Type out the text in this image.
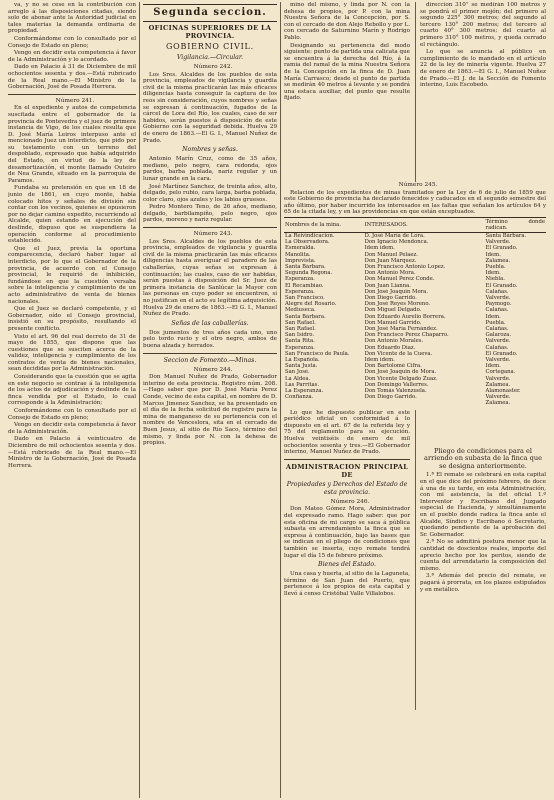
va, y no se cese en la contribución con arreglo á las disposiciones citadas, siendo solo de abonar ante la Autoridad judicial en tales materias la demanda ordinaria de propiedad.

Conformándome con lo consultado por el Consejo de Estado en pleno;

Vengo en decidir esta competencia á favor de la Administración y lo acordado.

Dado en Palacio á 31 de Diciembre de mil ochocientos sesenta y dos.—Está rubricado de la Real mano.—El Ministro de la Gobernación, José de Posada Herrera.

Número 241.

En el expediente y autos de competencia suscitada entre el gobernador de la provincia de Pontevedra y el juez de primera instancia de Vigo, de los cuales resulta que D. José María Leiros interpuso ante el mencionado Juez un interdicto, que pido por su testamento con un terreno del despoblado, expresado que había adquirido del Estado, en virtud de la ley de desamortización, el monte llamado Outeiro de Nea Grande, situado en la parroquia de Paramos.

Fundaba su pretensión en que en 18 de junio de 1861, en cuyo monte, había colocado hitos y señales de división sin contar con los vecinos, quienes se opusieron por no dejar camino expedito, recurriendo al Alcalde, quien estando en ejecución del deslinde, dispuso que se suspendiera la operación conforme al procedimiento establecido.

Que el Juez, previa la oportuna comparecencia, declaró haber lugar al interdicto, por lo que el Gobernador de la provincia, de acuerdo con el Consejo provincial, le requirió de inhibición, fundándose en que la cuestión versaba sobre la inteligencia y cumplimiento de un acto administrativo de venta de bienes nacionales.

Que el Juez se declaró competente, y el Gobernador, oído el Consejo provincial, insistió en su propósito, resultando el presente conflicto.

Visto el art. 96 del real decreto de 31 de mayo de 1855, que dispone que las cuestiones que se susciten acerca de la validez, inteligencia y cumplimiento de los contratos de venta de bienes nacionales, sean decididas por la Administración.

Considerando que la cuestión que se agita en este negocio se contrae á la inteligencia de los actos de adjudicación y deslinde de la finca vendida por el Estado, lo cual corresponde á la Administración;

Conformándome con lo consultado por el Consejo de Estado en pleno;

Vengo en decidir esta competencia á favor de la Administración.

Dado en Palacio á veinticuatro de Diciembre de mil ochocientos sesenta y dos.—Está rubricado de la Real mano.—El Ministro de la Gobernación, José de Posada Herrera.

Segunda seccion.
OFICINAS SUPERIORES DE LA PROVINCIA.
GOBIERNO CIVIL.
Vigilancia.—Circular.

Número 242.

Los Sres. Alcaldes de los pueblos de esta provincia, empleados de vigilancia y guardia civil de la misma practicarán las más eficaces diligencias hasta conseguir la captura de los reos sin consideración, cuyos nombres y señas se expresan á continuación, fugados de la cárcel de Lora del Río, los cuales, caso de ser habidos, serán puestos á disposición de este Gobierno con la seguridad debida. Huelva 29 de enero de 1863.—El G. I., Manuel Nuñez de Prado.

Nombres y señas.

Antonio Marín Cruz, como de 35 años, mediano, pelo negro, cara redonda, ojos pardos, barba poblada, nariz regular y un lunar grande en la cara.

José Martínez Sanchez, de treinta años, alto, delgado, pelo rubio, cara larga, barba poblada, color claro, ojos azules y los labios gruesos.

Pedro Montero Teno, de 26 años, mediano, delgado, barbilampiño, pelo negro, ojos pardos, moreno y nariz regular.

Número 243.

Los Sres. Alcaldes de los pueblos de esta provincia, empleados de vigilancia y guardia civil de la misma practicarán las más eficaces diligencias hasta averiguar el paradero de las caballerías, cuyas señas se expresan á continuación; las cuales, caso de ser habidas, serán puestas á disposición del Sr. Juez de primera instancia de Sanlúcar la Mayor con las personas en cuyo poder se encuentren, si no justifican en el acto su legítima adquisición. Huelva 29 de enero de 1863.—El G. I., Manuel Nuñez de Prado.

Señas de las caballerías.

Dos jumentos de tres años cada uno, uno pelo tordo rucio y el otro negro, ambos de buena alzada y herrados.

Seccion de Fomento.—Minas.

Número 244.

Don Manuel Nuñez de Prado, Gobernador interino de esta provincia. Registro núm. 208.—Hago saber que por D. José María Perez Conde, vecino de esta capital, en nombre de D. Marcos Jimenez Sanchez, se ha presentado en el día de la fecha solicitud de registro para la mina de manganeso de su pertenencia con el nombre de Venceslora, sita en el cercado de Buen Jesus, al sitio de Río Saco, término del mismo, y linda por N. con la dehesa de propios.

mino del mismo, y linda por N. con la dehesa de propios, por P. con la mina Nuestra Señora de la Concepción, por S. con el cercado de don Alejo Rebollo y por L. con cercado de Saturnino Marín y Rodrigo Pablo.

Designando su pertenencia del modo siguiente: punto de partida una calicata que se encuentra á la derecha del Río, á la ramia del ramal de la mina Nuestra Señora de la Concepción en la finca de D. Juan María Carrasco; desde el punto de partida se medirán 40 metros á levante y se pondrá una estaca auxiliar, del punto que resulte fijado.

direccion 310° se medirán 100 metros y se pondrá el primer mojón; del primero al segundo 225° 300 metros; del segundo al tercero 130° 200 metros; del tercero al cuarto 40° 300 metros; del cuarto al primero 310° 100 metros, y queda cerrado el rectángulo.

Lo que se anuncia al público en cumplimiento de lo mandado en el artículo 22 de la ley de minería vigente. Huelva 27 de enero de 1863.—El G. I., Manuel Nuñez de Prado.—El J. de la Sección de Fomento interino, Luis Escobedo.

Número 245.

Relacion de los expedientes de minas tramitados por la Ley de 6 de julio de 1859 que este Gobierno de provincia ha declarado fenecidos y caducados en el segundo semestre del año último, por haber incurrido los interesados en las faltas que señalan los artículos 64 y 65 de la citada ley, y en las providencias en que están exceptuados.

Nombres de la mina.	INTERESADOS.	Término donde radican.
La Reivindicacion.	D. José María de Lora.	Santa Bárbara.
La Observadora.	Don Ignacio Mendonca.	Valverde.
Esmeralda.	Idem idem.	El Granado.
Manolita.	Don Manuel Pelaez.	Idem.
Imprevista.	Don Juan Márquez.	Zalamea.
Santa Bárbara.	Don Francisco Antonio Lopez.	Puebla.
Segunda Regona.	Don Antonio Mora.	Idem.
Esperanza.	Don Manuel Perez Conde.	Niebla.
El Recambiao.	Don Juan Lianna.	El Granado.
Esperanza.	Don José Joaquin Mora.	Calañas.
San Francisco.	Don Diego Garrido.	Valverde.
Alegre del Rosario.	Don José Reyes Moreno.	Paymogo.
Mediuseca.	Don Miguel Delgado.	Calañas.
Santa Bárbara.	Don Eduardo Aurelio Borrera.	Idem.
San Rafael.	Don Manuel Garrido.	Puebla.
San Rafael.	Don José María Fernández.	Calañas.
San Isidro.	Don Francisco Perez Chaparro.	Galaroza.
Santa Rita.	Don Antonio Morales.	Valverde.
Esperanza.	Don Eduardo Díaz.	Calañas.
San Francisco de Paula.	Don Vicente de la Cueva.	El Granado.
La Española.	Idem idem.	Valverde.
Santa Justa.	Don Bartolomé Cifra.	Idem.
San José.	Don José Joaquin de Mora.	Cortegana.
La Aldea.	Don Vicente Delgado Zuaz.	Valverde.
Las Parritas.	Don Domingo Vallerres.	Zalamea.
La Esperanza.	Don Tomás Valenzuela.	Alamonaster.
Confianza.	Don Diego Garrido.	Valverde.
		Zalamea.

Lo que he dispuesto publicar en este periódico oficial en conformidad á lo dispuesto en el art. 67 de la referida ley y 75 del reglamento para su ejecución. Huelva veintiséis de enero de mil ochocientos sesenta y tres.—El Gobernador interino, Manuel Nuñez de Prado.

ADMINISTRACION PRINCIPAL DE
Propiedades y Derechos del Estado de esta provincia.

Número 246.

Don Mateo Gómez Mora, Administrador del expresado ramo. Hago saber: que por esta oficina de mi cargo se saca á pública subasta en arrendamiento la finca que se expresa á continuación, bajo las bases que se indican en el pliego de condiciones que también se inserta, cuyo remate tendrá lugar el día 15 de febrero próximo.

Bienes del Estado.

Una casa y huerta, al sitio de la Laguneta, término de San Juan del Puerto, que pertenece á los propios de esta capital y llevó á censo Cristóbal Valle Villalobos.

Pliego de condiciones para el arriendo en subasta de la finca que se designa anteriormente.

1.ª El remate se celebrará en esta capital en el que dice del próximo febrero, de doce á una de su tarde, en esta Administración, con mi asistencia, la del oficial 1.º Interventor y Escribano del Juzgado especial de Hacienda, y simultáneamente en el pueblo donde radica la finca ante el Alcalde, Síndico y Escribano ó Secretario, quedando pendiente de la aprobación del Sr. Gobernador.

2.ª No se admitirá postura menor que la cantidad de doscientos reales, importe del aprecio hecho por los peritos, siendo de cuenta del arrendatario la composición del mismo.

3.ª Además del precio del remate, se pagará á prorrata, en los plazos estipulados y en metálico.
